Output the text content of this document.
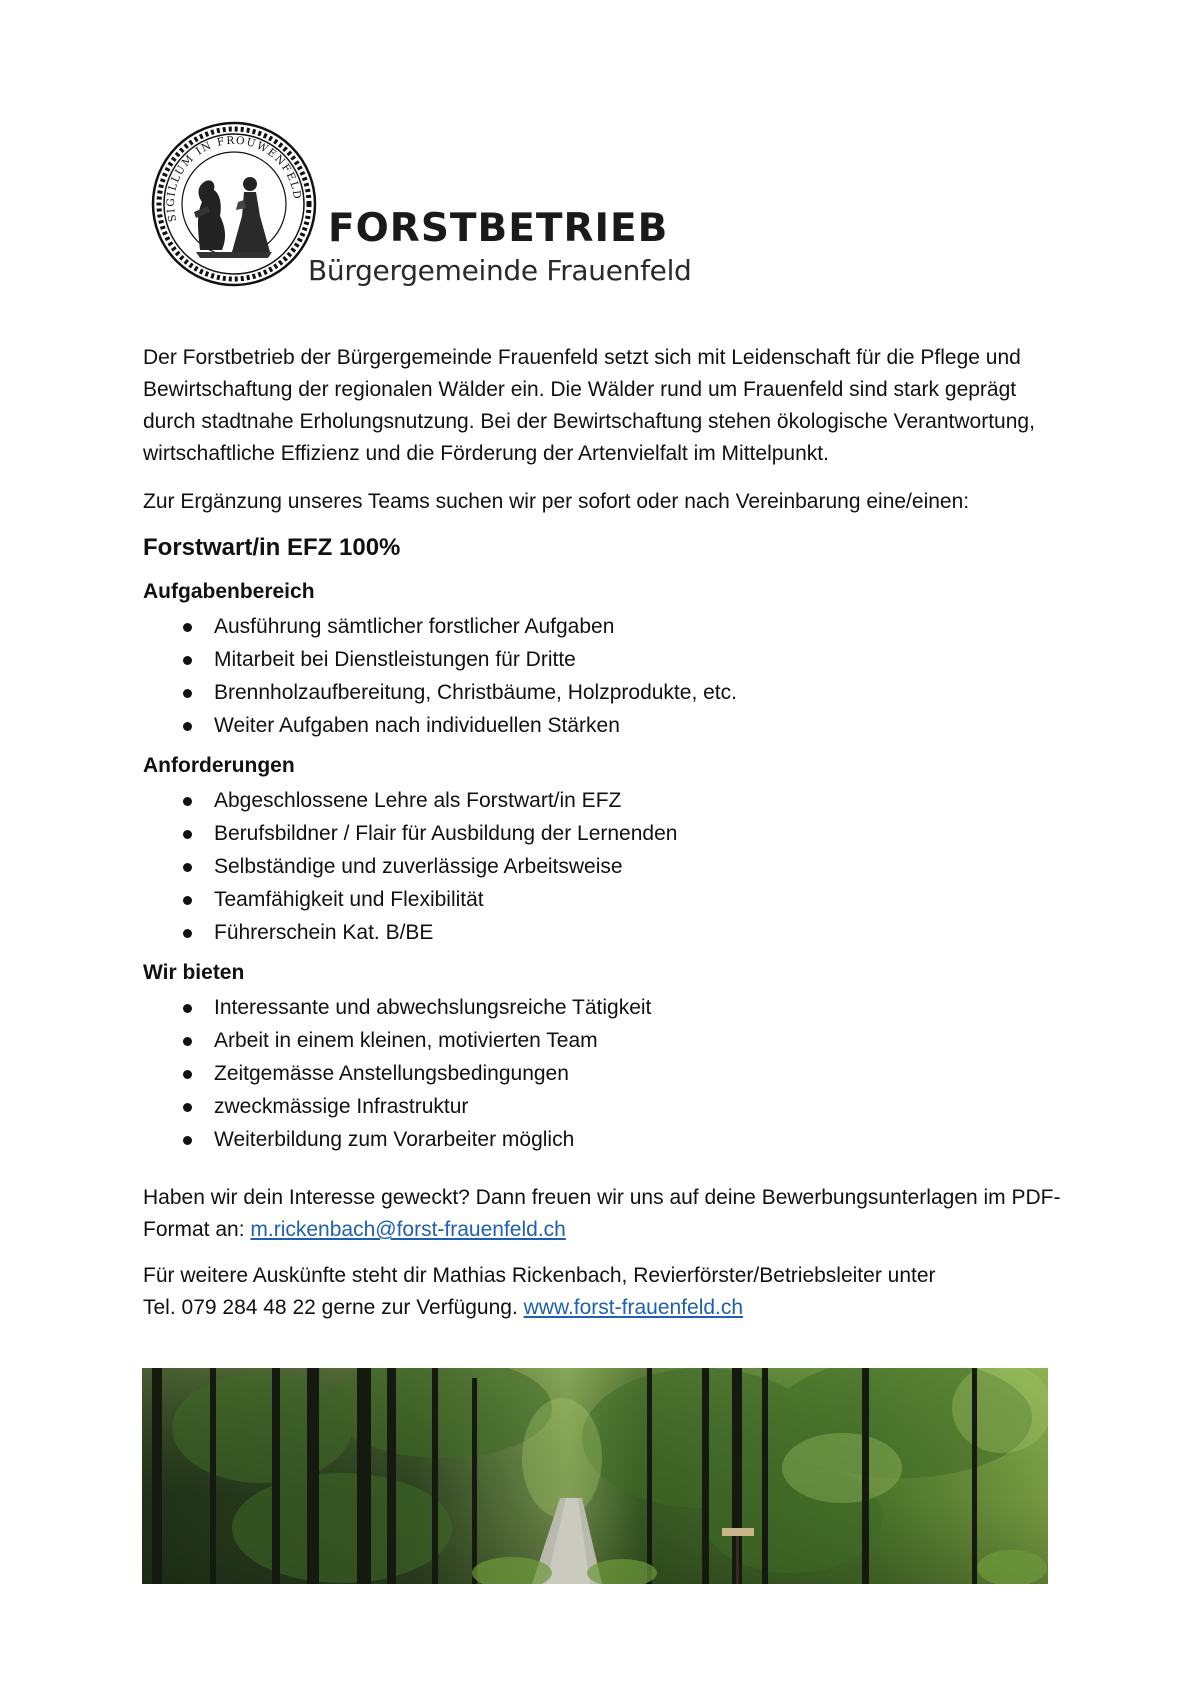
SIGILLUM IN FROUWENFELD
FORSTBETRIEB
Bürgergemeinde Frauenfeld

Der Forstbetrieb der Bürgergemeinde Frauenfeld setzt sich mit Leidenschaft für die Pflege und Bewirtschaftung der regionalen Wälder ein. Die Wälder rund um Frauenfeld sind stark geprägt durch stadtnahe Erholungsnutzung. Bei der Bewirtschaftung stehen ökologische Verantwortung, wirtschaftliche Effizienz und die Förderung der Artenvielfalt im Mittelpunkt.

Zur Ergänzung unseres Teams suchen wir per sofort oder nach Vereinbarung eine/einen:

Forstwart/in EFZ 100%
Aufgabenbereich
Ausführung sämtlicher forstlicher Aufgaben
Mitarbeit bei Dienstleistungen für Dritte
Brennholzaufbereitung, Christbäume, Holzprodukte, etc.
Weiter Aufgaben nach individuellen Stärken
Anforderungen
Abgeschlossene Lehre als Forstwart/in EFZ
Berufsbildner / Flair für Ausbildung der Lernenden
Selbständige und zuverlässige Arbeitsweise
Teamfähigkeit und Flexibilität
Führerschein Kat. B/BE
Wir bieten
Interessante und abwechslungsreiche Tätigkeit
Arbeit in einem kleinen, motivierten Team
Zeitgemässe Anstellungsbedingungen
zweckmässige Infrastruktur
Weiterbildung zum Vorarbeiter möglich

Haben wir dein Interesse geweckt? Dann freuen wir uns auf deine Bewerbungsunterlagen im PDF-Format an: m.rickenbach@forst-frauenfeld.ch

Für weitere Auskünfte steht dir Mathias Rickenbach, Revierförster/Betriebsleiter unter
Tel. 079 284 48 22 gerne zur Verfügung. www.forst-frauenfeld.ch
